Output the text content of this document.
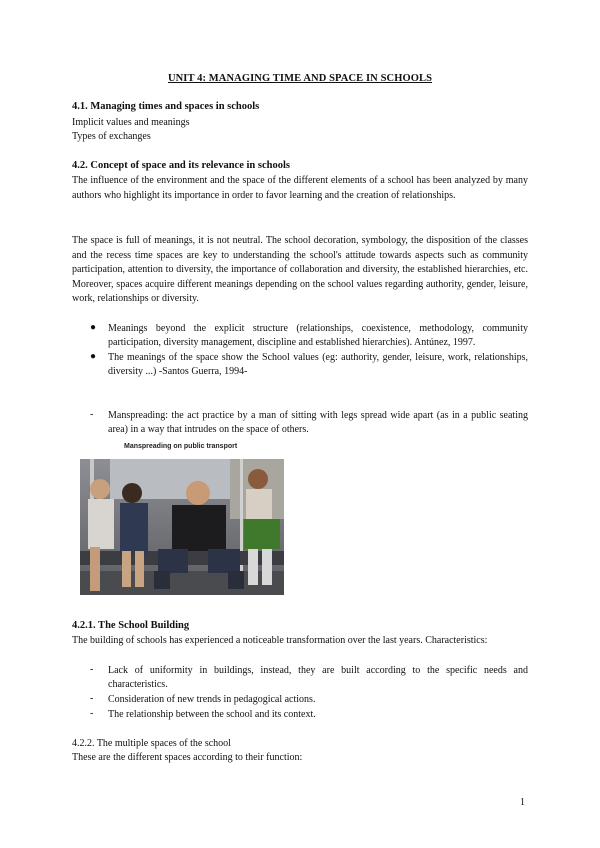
UNIT 4: MANAGING TIME AND SPACE IN SCHOOLS
4.1. Managing times and spaces in schools
Implicit values and meanings
Types of exchanges
4.2. Concept of space and its relevance in schools
The influence of the environment and the space of the different elements of a school has been analyzed by many authors who highlight its importance in order to favor learning and the creation of relationships.
The space is full of meanings, it is not neutral. The school decoration, symbology, the disposition of the classes and the recess time spaces are key to understanding the school's attitude towards aspects such as community participation, attention to diversity, the importance of collaboration and diversity, the established hierarchies, etc. Moreover, spaces acquire different meanings depending on the school values regarding authority, gender, leisure, work, relationships or diversity.
● Meanings beyond the explicit structure (relationships, coexistence, methodology, community participation, diversity management, discipline and established hierarchies). Antúnez, 1997.
● The meanings of the space show the School values (eg: authority, gender, leisure, work, relationships, diversity ...) -Santos Guerra, 1994-
- Manspreading: the act practice by a man of sitting with legs spread wide apart (as in a public seating area) in a way that intrudes on the space of others.
Manspreading on public transport
4.2.1. The School Building
The building of schools has experienced a noticeable transformation over the last years. Characteristics:
- Lack of uniformity in buildings, instead, they are built according to the specific needs and characteristics.
- Consideration of new trends in pedagogical actions.
- The relationship between the school and its context.
4.2.2. The multiple spaces of the school
These are the different spaces according to their function:
1
